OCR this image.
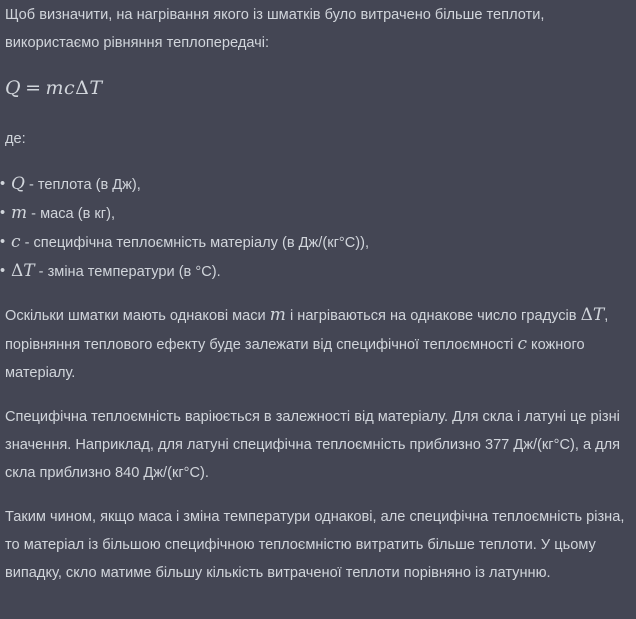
Щоб визначити, на нагрівання якого із шматків було витрачено більше теплоти, використаємо рівняння теплопередачі:

Q = mcΔT

де:

• Q - теплота (в Дж),
• m - маса (в кг),
• c - специфічна теплоємність матеріалу (в Дж/(кг°C)),
• ΔT - зміна температури (в °C).

Оскільки шматки мають однакові маси m і нагріваються на однакове число градусів ΔT, порівняння теплового ефекту буде залежати від специфічної теплоємності c кожного матеріалу.

Специфічна теплоємність варіюється в залежності від матеріалу. Для скла і латуні це різні значення. Наприклад, для латуні специфічна теплоємність приблизно 377 Дж/(кг°C), а для скла приблизно 840 Дж/(кг°C).

Таким чином, якщо маса і зміна температури однакові, але специфічна теплоємність різна, то матеріал із більшою специфічною теплоємністю витратить більше теплоти. У цьому випадку, скло матиме більшу кількість витраченої теплоти порівняно із латунню.
